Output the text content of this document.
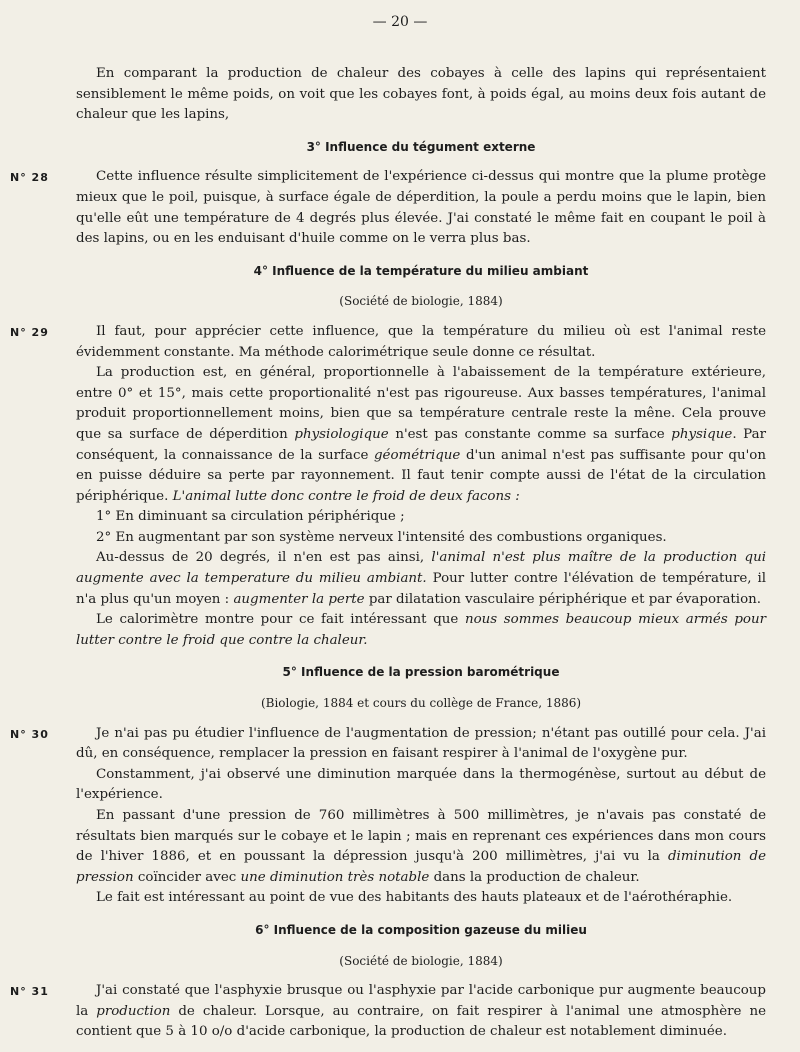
— 20 —

En comparant la production de chaleur des cobayes à celle des lapins qui représentaient sensiblement le même poids, on voit que les cobayes font, à poids égal, au moins deux fois autant de chaleur que les lapins,

3° Influence du tégument externe
N° 28	Cette influence résulte simplicitement de l'expérience ci-dessus qui montre que la plume protège mieux que le poil, puisque, à surface égale de déperdition, la poule a perdu moins que le lapin, bien qu'elle eût une température de 4 degrés plus élevée. J'ai constaté le même fait en coupant le poil à des lapins, ou en les enduisant d'huile comme on le verra plus bas.

4° Influence de la température du milieu ambiant
(Société de biologie, 1884)
N° 29	Il faut, pour apprécier cette influence, que la température du milieu où est l'animal reste évidemment constante. Ma méthode calorimétrique seule donne ce résultat.

La production est, en général, proportionnelle à l'abaissement de la température extérieure, entre 0° et 15°, mais cette proportionalité n'est pas rigoureuse. Aux basses températures, l'animal produit proportionnellement moins, bien que sa température centrale reste la mêne. Cela prouve que sa surface de déperdition physiologique n'est pas constante comme sa surface physique. Par conséquent, la connaissance de la surface géométrique d'un animal n'est pas suffisante pour qu'on en puisse déduire sa perte par rayonnement. Il faut tenir compte aussi de l'état de la circulation périphérique. L'animal lutte donc contre le froid de deux facons :

1° En diminuant sa circulation périphérique ;

2° En augmentant par son système nerveux l'intensité des combustions organiques.

Au-dessus de 20 degrés, il n'en est pas ainsi, l'animal n'est plus maître de la production qui augmente avec la temperature du milieu ambiant. Pour lutter contre l'élévation de température, il n'a plus qu'un moyen : augmenter la perte par dilatation vasculaire périphérique et par évaporation.

Le calorimètre montre pour ce fait intéressant que nous sommes beaucoup mieux armés pour lutter contre le froid que contre la chaleur.

5° Influence de la pression barométrique
(Biologie, 1884 et cours du collège de France, 1886)
N° 30	Je n'ai pas pu étudier l'influence de l'augmentation de pression; n'étant pas outillé pour cela. J'ai dû, en conséquence, remplacer la pression en faisant respirer à l'animal de l'oxygène pur.

Constamment, j'ai observé une diminution marquée dans la thermogénèse, surtout au début de l'expérience.

En passant d'une pression de 760 millimètres à 500 millimètres, je n'avais pas constaté de résultats bien marqués sur le cobaye et le lapin ; mais en reprenant ces expériences dans mon cours de l'hiver 1886, et en poussant la dépression jusqu'à 200 millimètres, j'ai vu la diminution de pression coïncider avec une diminution très notable dans la production de chaleur.

Le fait est intéressant au point de vue des habitants des hauts plateaux et de l'aérothéraphie.

6° Influence de la composition gazeuse du milieu
(Société de biologie, 1884)
N° 31	J'ai constaté que l'asphyxie brusque ou l'asphyxie par l'acide carbonique pur augmente beaucoup la production de chaleur. Lorsque, au contraire, on fait respirer à l'animal une atmosphère ne contient que 5 à 10 o/o d'acide carbonique, la production de chaleur est notablement diminuée.
